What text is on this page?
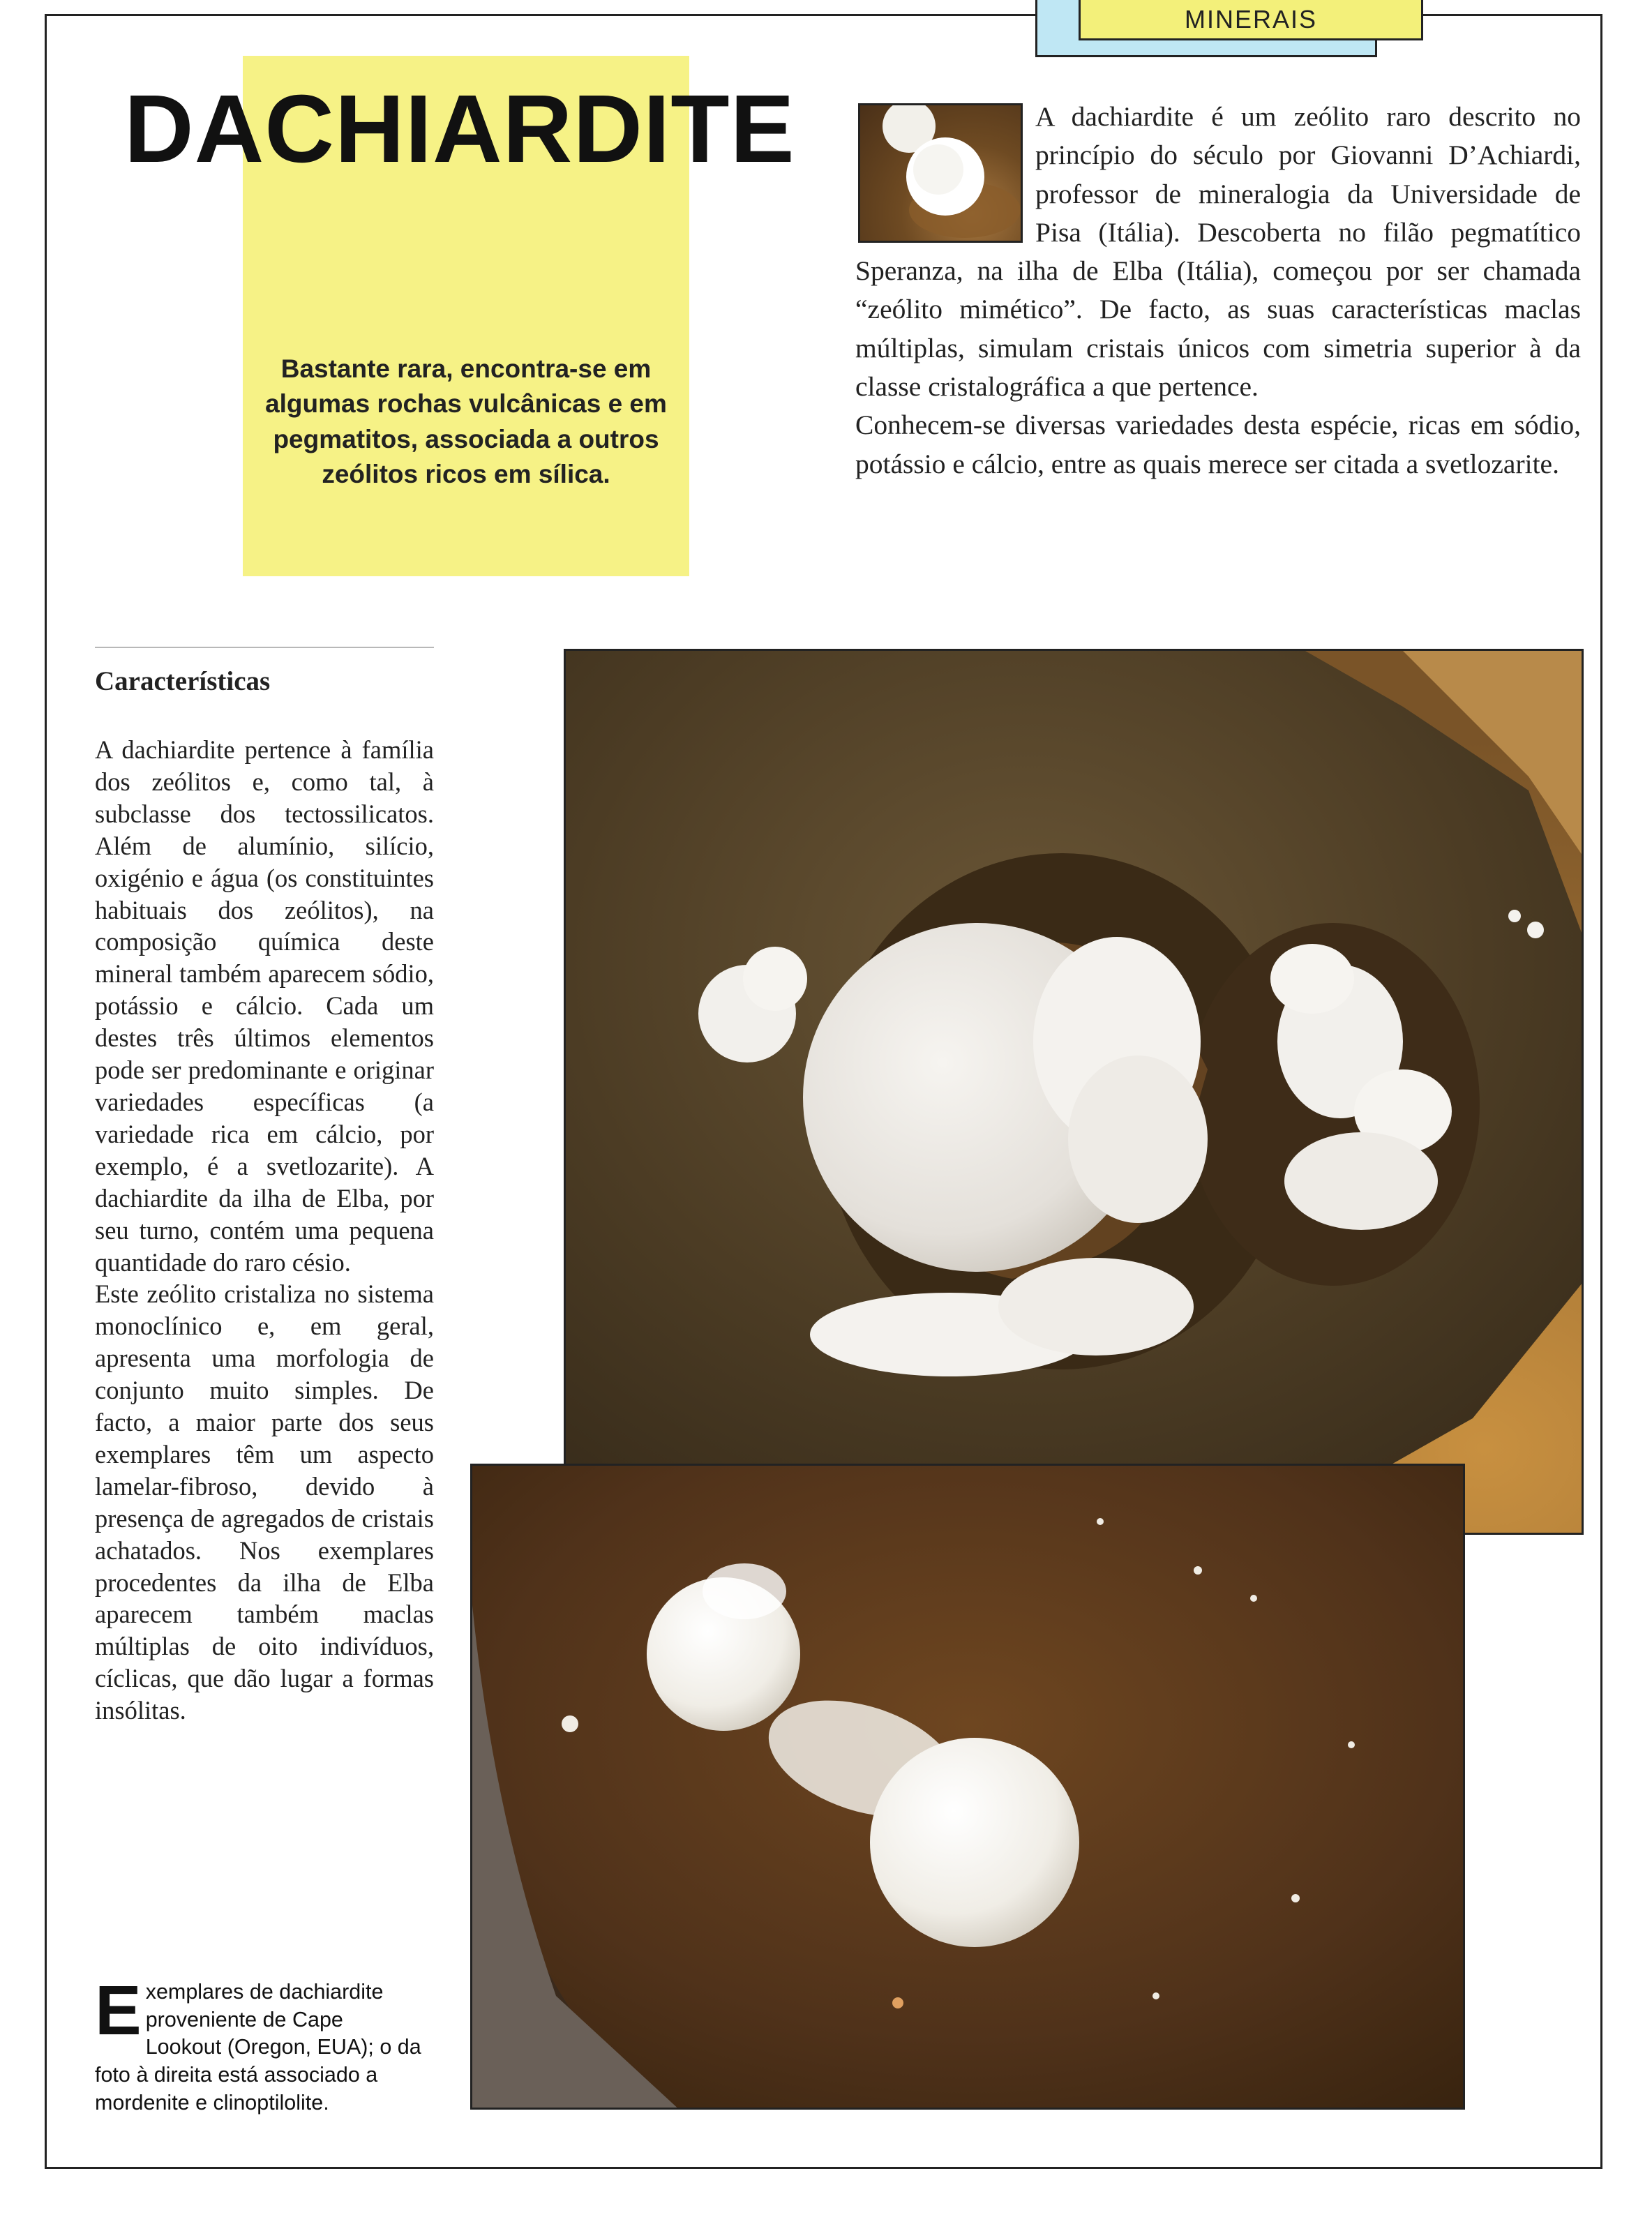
MINERAIS
DACHIARDITE

Bastante rara, encontra-se em algumas rochas vulcânicas e em pegmatitos, associada a outros zeólitos ricos em sílica.

A dachiardite é um zeólito raro descrito no princípio do século por Giovanni D’Achiardi, professor de mineralogia da Universidade de Pisa (Itália). Descoberta no filão pegmatítico Speranza, na ilha de Elba (Itália), começou por ser chamada “zeólito mimético”. De facto, as suas características maclas múltiplas, simulam cristais únicos com simetria superior à da classe cristalográfica a que pertence.

Conhecem-se diversas variedades desta espécie, ricas em sódio, potássio e cálcio, entre as quais merece ser citada a svetlozarite.

Características

A dachiardite pertence à família dos zeólitos e, como tal, à subclasse dos tectossilicatos. Além de alumínio, silício, oxigénio e água (os constituintes habituais dos zeólitos), na composição química deste mineral também aparecem sódio, potássio e cálcio. Cada um destes três últimos elementos pode ser predominante e originar variedades específicas (a variedade rica em cálcio, por exemplo, é a svetlozarite). A dachiardite da ilha de Elba, por seu turno, contém uma pequena quantidade do raro césio.

Este zeólito cristaliza no sistema monoclínico e, em geral, apresenta uma morfologia de conjunto muito simples. De facto, a maior parte dos seus exemplares têm um aspecto lamelar-fibroso, devido à presença de agregados de cristais achatados. Nos exemplares procedentes da ilha de Elba aparecem também maclas múltiplas de oito indivíduos, cíclicas, que dão lugar a formas insólitas.

E xemplares de dachiardite proveniente de Cape Lookout (Oregon, EUA); o da foto à direita está associado a mordenite e clinoptilolite.
